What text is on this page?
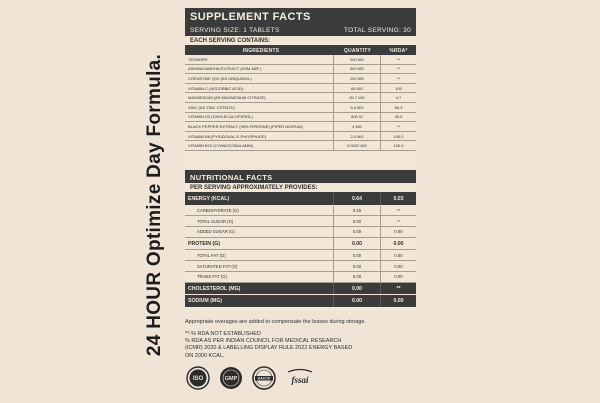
24 HOUR Optimize Day Formula.
SUPPLEMENT FACTS
SERVING SIZE: 1 TABLETS	TOTAL SERVING: 30
EACH SERVING CONTAINS:
INGREDIENTS	QUANTITY	%RDA*
TESNOR®	200 MG	**
ASHWAGANDHA EXTRACT (KSM-66® )	300 MG	**
COENZYME Q10 (AS UBIQUINOL)	100 MG	**
VITAMIN C (ASCORBIC ACID)	65 MG	100
MAGNESIUM (AS MAGNESIUM CITRATE)	20.7 MG	4.7
ZINC (AS ZINC CITRATE)	9.4 MG	55.3
VITAMIN D3 (CHOLECALCIFEROL)	600 IU	40.0
BLACK PEPPER EXTRACT (95% PIPERINE) (PIPER NIGRUM)	4 MG	**
VITAMIN B6 (PYRIDOXAL 5'-PHOSPHATE)	2.4 MG	100.0
VITAMIN B12 (CYANOCOBALAMIN)	0.0022 MG	100.0
NUTRITIONAL FACTS
PER SERVING APPROXIMATELY PROVIDES:
ENERGY (KCAL)	0.64	0.03
CARBOHYDRATE (G)	0.16	**
TOTAL SUGAR (G)	0.00	**
ADDED SUGAR (G)	0.00	0.00
PROTEIN (G)	0.00	0.00
TOTAL FAT (G)	0.00	0.00
SATURATED FAT (G)	0.00	0.00
TRANS FAT (G)	0.00	0.00
CHOLESTEROL (MG)	0.00	**
SODIUM (MG)	0.00	0.00
Appropriate overages are added to compensate the losses during storage.
**-% RDA NOT ESTABLISHED
% RDA AS PER INDIAN COUNCIL FOR MEDICAL RESEARCH
(ICMR) 2020 & LABELLING DISPLAY RULE 2022 ENERGY BASED
ON 2000 KCAL.
ISO	GMP	HACCP fssai
